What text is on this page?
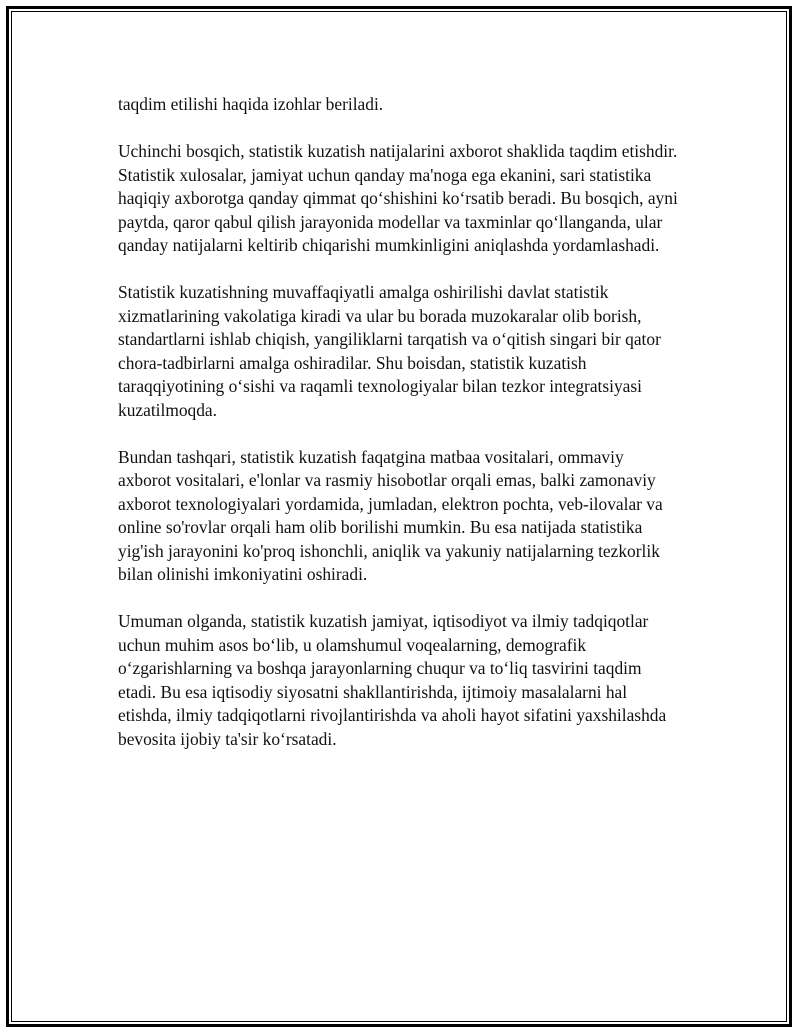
taqdim etilishi haqida izohlar beriladi.

Uchinchi bosqich, statistik kuzatish natijalarini axborot shaklida taqdim etishdir. Statistik xulosalar, jamiyat uchun qanday ma'noga ega ekanini, sari statistika haqiqiy axborotga qanday qimmat qo‘shishini ko‘rsatib beradi. Bu bosqich, ayni paytda, qaror qabul qilish jarayonida modellar va taxminlar qo‘llanganda, ular qanday natijalarni keltirib chiqarishi mumkinligini aniqlashda yordamlashadi.

Statistik kuzatishning muvaffaqiyatli amalga oshirilishi davlat statistik xizmatlarining vakolatiga kiradi va ular bu borada muzokaralar olib borish, standartlarni ishlab chiqish, yangiliklarni tarqatish va o‘qitish singari bir qator chora-tadbirlarni amalga oshiradilar. Shu boisdan, statistik kuzatish taraqqiyotining o‘sishi va raqamli texnologiyalar bilan tezkor integratsiyasi kuzatilmoqda.

Bundan tashqari, statistik kuzatish faqatgina matbaa vositalari, ommaviy axborot vositalari, e'lonlar va rasmiy hisobotlar orqali emas, balki zamonaviy axborot texnologiyalari yordamida, jumladan, elektron pochta, veb-ilovalar va online so'rovlar orqali ham olib borilishi mumkin. Bu esa natijada statistika yig'ish jarayonini ko'proq ishonchli, aniqlik va yakuniy natijalarning tezkorlik bilan olinishi imkoniyatini oshiradi.

Umuman olganda, statistik kuzatish jamiyat, iqtisodiyot va ilmiy tadqiqotlar uchun muhim asos bo‘lib, u olamshumul voqealarning, demografik o‘zgarishlarning va boshqa jarayonlarning chuqur va to‘liq tasvirini taqdim etadi. Bu esa iqtisodiy siyosatni shakllantirishda, ijtimoiy masalalarni hal etishda, ilmiy tadqiqotlarni rivojlantirishda va aholi hayot sifatini yaxshilashda bevosita ijobiy ta'sir ko‘rsatadi.
